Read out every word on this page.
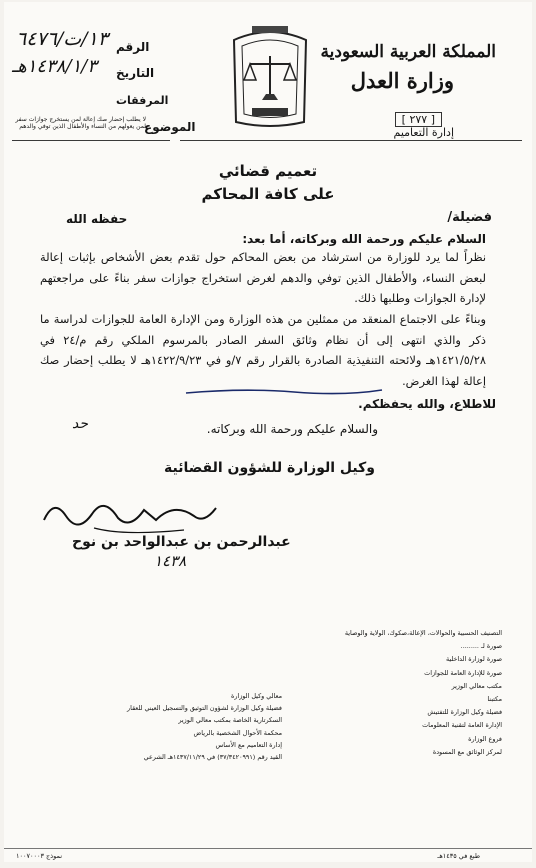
المملكة العربية السعودية
وزارة العدل
[ ٢٧٧ ]
إدارة التعاميم
الرقم
١٣/ت/٦٤٧٦
التاريخ
١٤٣٨/١/٣هـ
المرفقات
الموضوع
لا يطلب إحضار صك إعالة لمن يستخرج جوازات سفر لمن يعولهم من النساء والأطفال الذين توفي والدهم
تعميم قضائي
على كافة المحاكم
فضيلة/
حفظه الله
السلام عليكم ورحمة الله وبركاته، أما بعد:
نظراً لما يرد للوزارة من استرشاد من بعض المحاكم حول تقدم بعض الأشخاص بإثبات إعالة لبعض النساء، والأطفال الذين توفي والدهم لغرض استخراج جوازات سفر بناءً على مراجعتهم لإدارة الجوازات وطلبها ذلك.
وبناءً على الاجتماع المنعقد من ممثلين من هذه الوزارة ومن الإدارة العامة للجوازات لدراسة ما ذكر والذي انتهى إلى أن نظام وثائق السفر الصادر بالمرسوم الملكي رقم م/٢٤ في ١٤٢١/٥/٢٨هـ ولائحته التنفيذية الصادرة بالقرار رقم ٧/و في ١٤٢٢/٩/٢٣هـ لا يطلب إحضار صك إعالة لهذا الغرض.
للاطلاع، والله يحفظكم.
حد	والسلام عليكم ورحمة الله وبركاته.
وكيل الوزارة للشؤون القضائية
عبدالرحمن بن عبدالواحد بن نوح
١٤٣٨
التصنيف الحسبية والحوالات، الإعالة،صكوك، الولاية والوصاية
صورة لـ .........
صورة لوزارة الداخلية
صورة للإدارة العامة للجوازات
مكتب معالي الوزير
مكتبنا
فضيلة وكيل الوزارة للتفتيش
الإدارة العامة لتقنية المعلومات
فروع الوزارة
لمركز الوثائق مع المسودة
معالي وكيل الوزارة
فضيلة وكيل الوزارة لشؤون التوثيق والتسجيل العيني للعقار
السكرتارية الخاصة بمكتب معالي الوزير
محكمة الأحوال الشخصية بالرياض
إدارة التعاميم مع الأساس
القيد رقم (٣٧/٣٤٢٠٩٩١) في ١٤٣٧/١١/٢٩هـ الشرعي
نموذج ١٠٠٧٠٠٠٣	طبع في ١٤٣٥هـ
